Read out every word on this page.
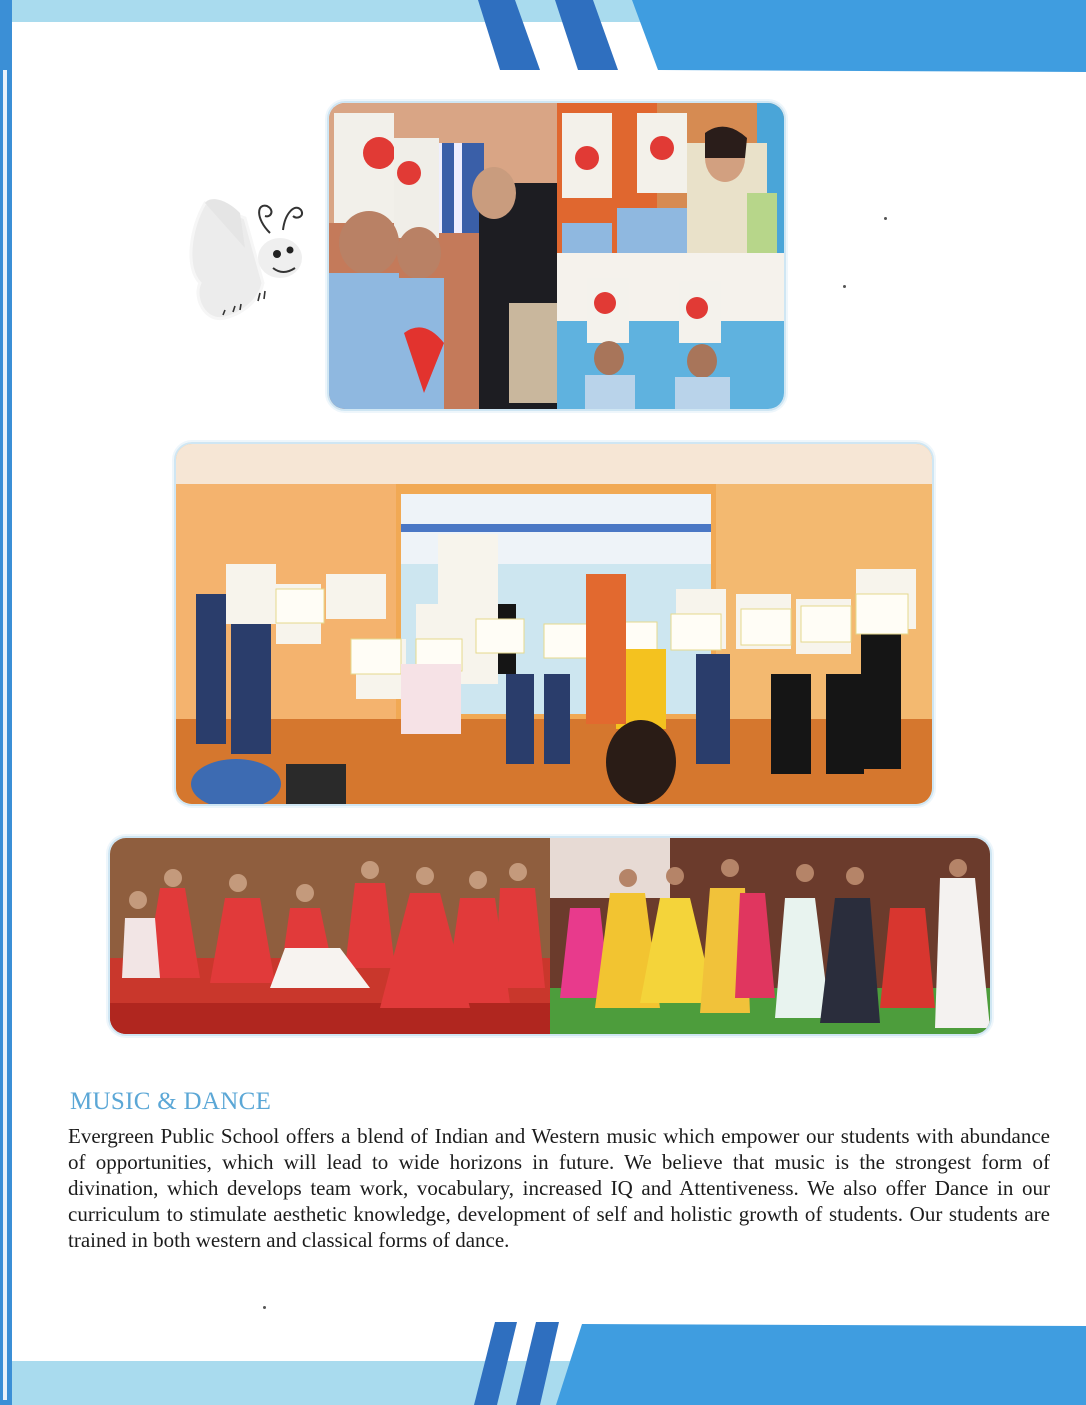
MUSIC & DANCE

Evergreen Public School offers a blend of Indian and Western music which empower our students with abundance of opportunities, which will lead to wide horizons in future. We believe that music is the strongest form of divination, which develops team work, vocabulary, increased IQ and Attentiveness. We also offer Dance in our curriculum to stimulate aesthetic knowledge, development of self and holistic growth of students. Our students are trained in both western and classical forms of dance.
